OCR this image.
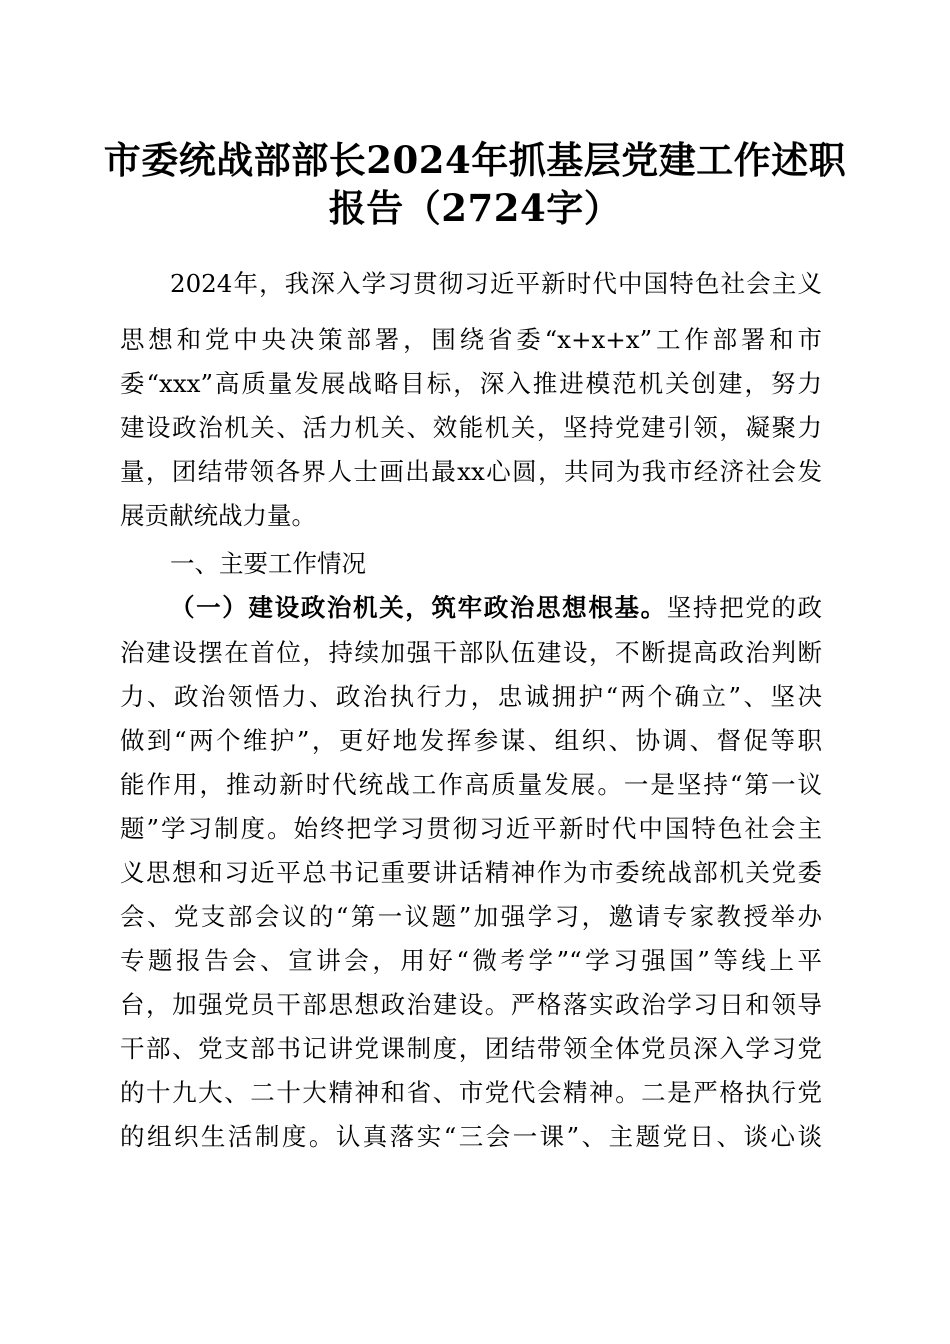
市委统战部部长2024年抓基层党建工作述职
报告（2724字）
2024年，我深入学习贯彻习近平新时代中国特色社会主义
思想和党中央决策部署，围绕省委“x+x+x”工作部署和市
委“xxx”高质量发展战略目标，深入推进模范机关创建，努力
建设政治机关、活力机关、效能机关，坚持党建引领，凝聚力
量，团结带领各界人士画出最xx心圆，共同为我市经济社会发
展贡献统战力量。
一、主要工作情况
（一）建设政治机关，筑牢政治思想根基。坚持把党的政
治建设摆在首位，持续加强干部队伍建设，不断提高政治判断
力、政治领悟力、政治执行力，忠诚拥护“两个确立”、坚决
做到“两个维护”，更好地发挥参谋、组织、协调、督促等职
能作用，推动新时代统战工作高质量发展。一是坚持“第一议
题”学习制度。始终把学习贯彻习近平新时代中国特色社会主
义思想和习近平总书记重要讲话精神作为市委统战部机关党委
会、党支部会议的“第一议题”加强学习，邀请专家教授举办
专题报告会、宣讲会，用好“微考学”“学习强国”等线上平
台，加强党员干部思想政治建设。严格落实政治学习日和领导
干部、党支部书记讲党课制度，团结带领全体党员深入学习党
的十九大、二十大精神和省、市党代会精神。二是严格执行党
的组织生活制度。认真落实“三会一课”、主题党日、谈心谈
